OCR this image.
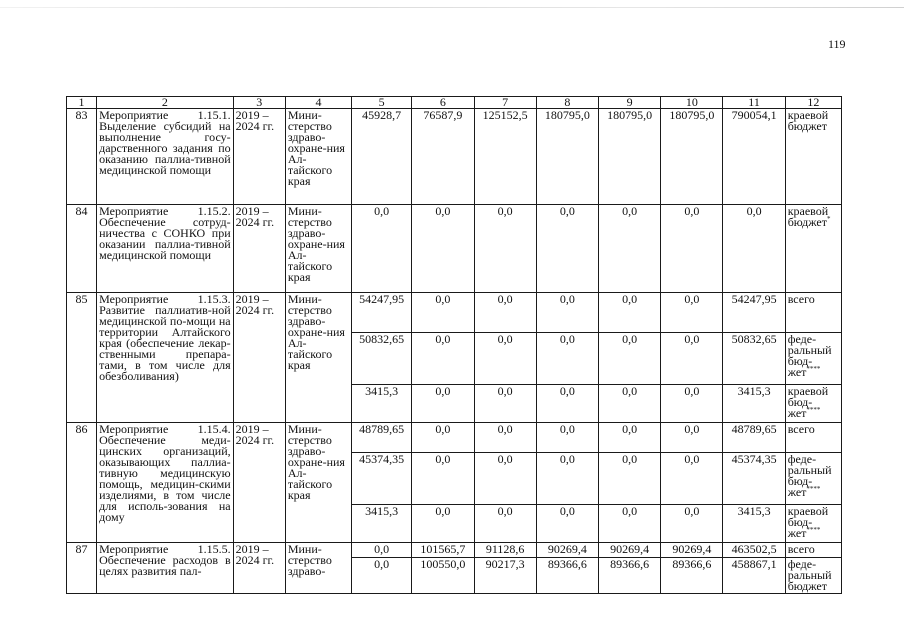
119
1	2	3	4	5	6	7	8	9	10	11	12
83	Мероприятие 1.15.1. Выделение субсидий на выполнение госу-дарственного задания по оказанию паллиа-тивной медицинской помощи	2019 – 2024 гг.	Мини-стерство здраво-охране-ния Ал-тайского края	45928,7	76587,9	125152,5	180795,0	180795,0	180795,0	790054,1	краевой бюджет
84	Мероприятие 1.15.2. Обеспечение сотруд-ничества с СОНКО при оказании паллиа-тивной медицинской помощи	2019 – 2024 гг.	Мини-стерство здраво-охране-ния Ал-тайского края	0,0	0,0	0,0	0,0	0,0	0,0	0,0	краевой бюджет*
85	Мероприятие 1.15.3. Развитие паллиатив-ной медицинской по-мощи на территории Алтайского края (обеспечение лекар-ственными препара-тами, в том числе для обезболивания)	2019 – 2024 гг.	Мини-стерство здраво-охране-ния Ал-тайского края	54247,95	0,0	0,0	0,0	0,0	0,0	54247,95	всего
				50832,65	0,0	0,0	0,0	0,0	0,0	50832,65	феде-ральный бюд-жет****
				3415,3	0,0	0,0	0,0	0,0	0,0	3415,3	краевой бюд-жет****
86	Мероприятие 1.15.4. Обеспечение меди-цинских организаций, оказывающих паллиа-тивную медицинскую помощь, медицин-скими изделиями, в том числе для исполь-зования на дому	2019 – 2024 гг.	Мини-стерство здраво-охране-ния Ал-тайского края	48789,65	0,0	0,0	0,0	0,0	0,0	48789,65	всего
				45374,35	0,0	0,0	0,0	0,0	0,0	45374,35	феде-ральный бюд-жет****
				3415,3	0,0	0,0	0,0	0,0	0,0	3415,3	краевой бюд-жет****
87	Мероприятие 1.15.5. Обеспечение расходов в целях развития пал-	2019 – 2024 гг.	Мини-стерство здраво-	0,0	101565,7	91128,6	90269,4	90269,4	90269,4	463502,5	всего
				0,0	100550,0	90217,3	89366,6	89366,6	89366,6	458867,1	феде-ральный бюджет
